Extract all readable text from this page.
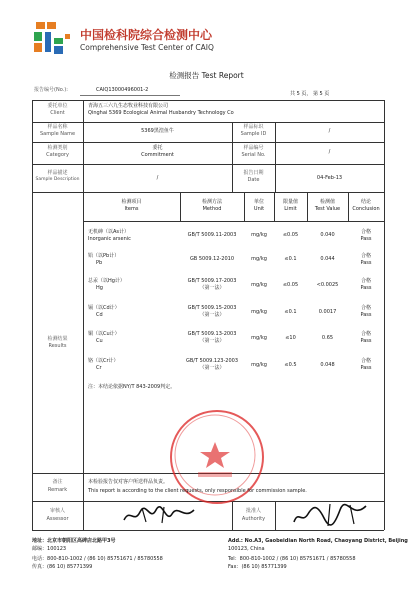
中国检科院综合检测中心
Comprehensive Test Center of CAIQ
检测报告 Test Report
报告编号(No.):	CAIQ13000496001-2
共 5 页， 第 5 页
委托单位
Client
青海五三六九生态牧业科技有限公司
Qinghai 5369 Ecological Animal Husbandry Technology Co
样品名称
Sample Name	5369黑湟鱼牛
样品标识
Sample ID	/
检测类别
Category
委托
Commitment
样品编号
Serial No.	/
样品描述
Sample Description	/
报告日期
Date	04-Feb-13
检测结果
Results
检测项目
Items
检测方法
Method
单位
Unit
限量值
Limit
检测值
Test Value
结论
Conclusion
无机砷（以As计）
Inorganic arsenic
GB/T 5009.11-2003	mg/kg	≤0.05	0.040	合格
Pass
铅（以Pb计）
Pb
GB 5009.12-2010	mg/kg	≤0.1	0.044	合格
Pass
总汞（以Hg计）
Hg
GB/T 5009.17-2003
（第一法）	mg/kg	≤0.05	<0.0025
合格
Pass
镉（以Cd计）
Cd
GB/T 5009.15-2003
（第一法）	mg/kg	≤0.1	0.0017
合格
Pass
铜（以Cu计）
Cu
GB/T 5009.13-2003
（第一法）	mg/kg	≤10	0.65
合格
Pass
铬（以Cr计）
Cr
GB/T 5009.123-2003
（第一法）	mg/kg	≤0.5	0.048
合格
Pass
注：本结论依据NY/T 843-2009判定。
备注
Remark
本检验报告仅对客户所送样品负责。
This report is according to the client requests, only responsible for commission sample.
审核人
Assessor
批准人
Authority
地址：北京市朝阳区高碑店北路甲3号
邮编：100123
电话：800-810-1002 / (86 10) 85751671 / 85780558
传真：(86 10) 85771399
Add.: No.A3, Gaobeidian North Road, Chaoyang District, Beijing
100123, China
Tel：800-810-1002 / (86 10) 85751671 / 85780558
Fax：(86 10) 85771399
